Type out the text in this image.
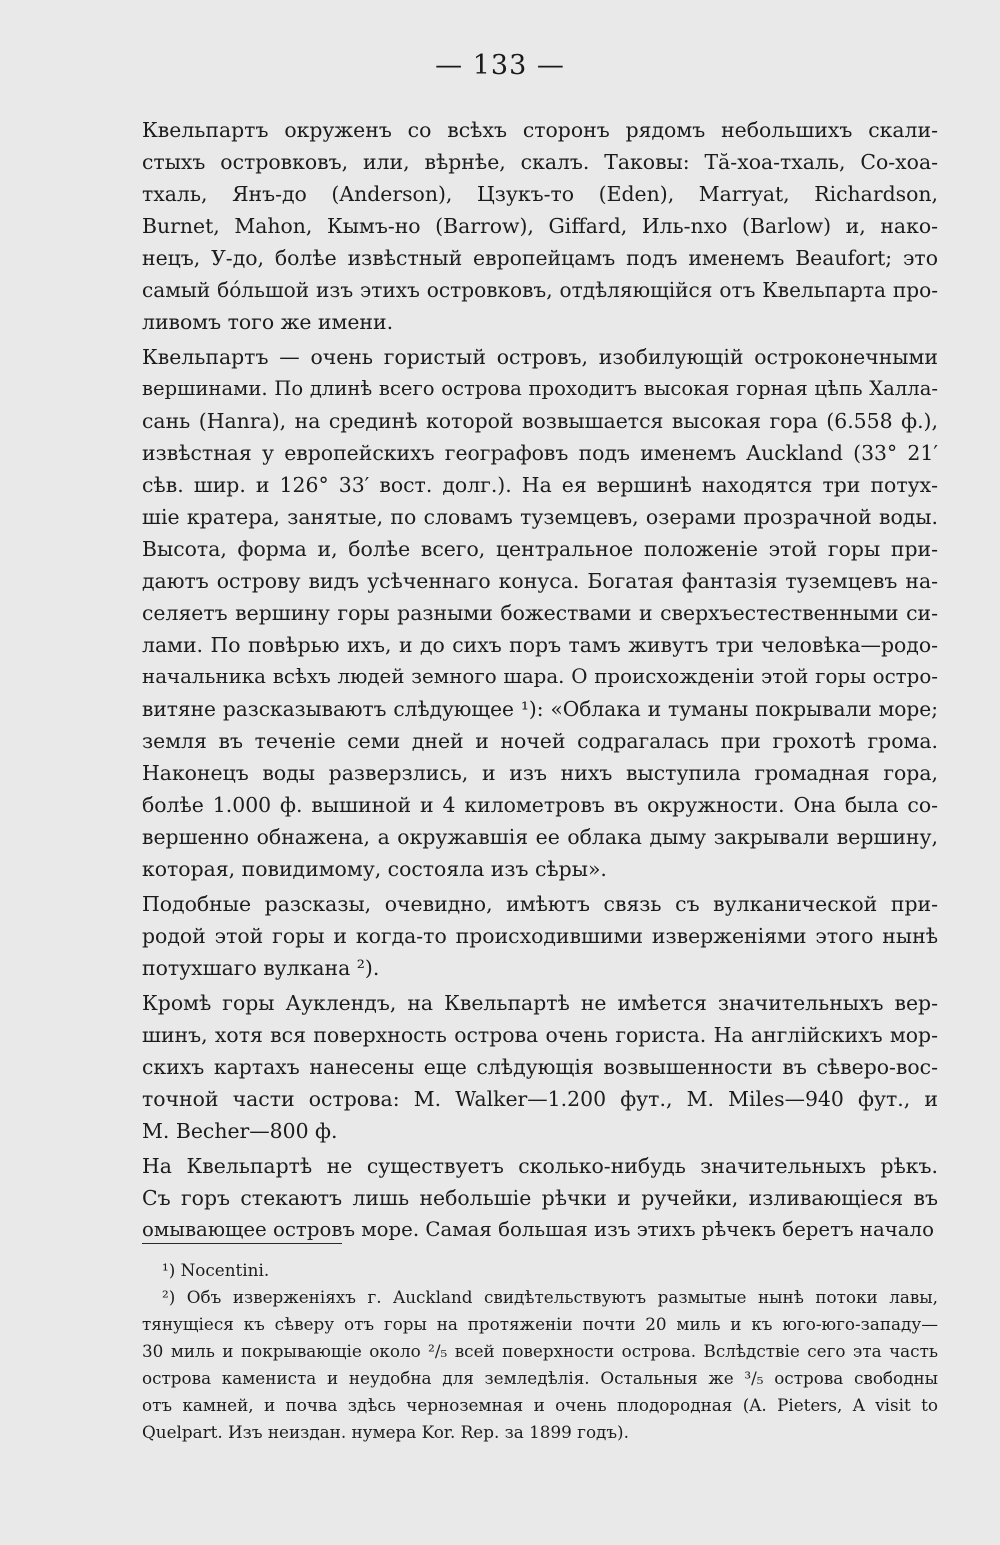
— 133 —
Квельпартъ окруженъ со всѣхъ сторонъ рядомъ небольшихъ скали-
стыхъ островковъ, или, вѣрнѣе, скалъ. Таковы: Тă-хоа-тхаль, Со-хоа-
тхаль, Янъ-до (Anderson), Цзукъ-то (Eden), Marryat, Richardson,
Burnet, Mahon, Кымъ-но (Barrow), Giffard, Иль-nхо (Barlow) и, нако-
нецъ, У-до, болѣе извѣстный европейцамъ подъ именемъ Beaufort; это
самый бóльшой изъ этихъ островковъ, отдѣляющійся отъ Квельпарта про-
ливомъ того же имени.
Квельпартъ — очень гористый островъ, изобилующій остроконечными
вершинами. По длинѣ всего острова проходитъ высокая горная цѣпь Халла-
сань (Hanra), на срединѣ которой возвышается высокая гора (6.558 ф.),
извѣстная у европейскихъ географовъ подъ именемъ Auckland (33° 21′
сѣв. шир. и 126° 33′ вост. долг.). На ея вершинѣ находятся три потух-
шіе кратера, занятые, по словамъ туземцевъ, озерами прозрачной воды.
Высота, форма и, болѣе всего, центральное положеніе этой горы при-
даютъ острову видъ усѣченнаго конуса. Богатая фантазія туземцевъ на-
селяетъ вершину горы разными божествами и сверхъестественными си-
лами. По повѣрью ихъ, и до сихъ поръ тамъ живутъ три человѣка—родо-
начальника всѣхъ людей земного шара. О происхожденіи этой горы остро-
витяне разсказываютъ слѣдующее ¹): «Облака и туманы покрывали море;
земля въ теченіе семи дней и ночей содрагалась при грохотѣ грома.
Наконецъ воды разверзлись, и изъ нихъ выступила громадная гора,
болѣе 1.000 ф. вышиной и 4 километровъ въ окружности. Она была со-
вершенно обнажена, а окружавшія ее облака дыму закрывали вершину,
которая, повидимому, состояла изъ сѣры».
Подобные разсказы, очевидно, имѣютъ связь съ вулканической при-
родой этой горы и когда-то происходившими изверженіями этого нынѣ
потухшаго вулкана ²).
Кромѣ горы Ауклендъ, на Квельпартѣ не имѣется значительныхъ вер-
шинъ, хотя вся поверхность острова очень гориста. На англійскихъ мор-
скихъ картахъ нанесены еще слѣдующія возвышенности въ сѣверо-вос-
точной части острова: M. Walker—1.200 фут., M. Miles—940 фут., и
M. Becher—800 ф.
На Квельпартѣ не существуетъ сколько-нибудь значительныхъ рѣкъ.
Съ горъ стекаютъ лишь небольшіе рѣчки и ручейки, изливающіеся въ
омывающее островъ море. Самая большая изъ этихъ рѣчекъ беретъ начало
¹) Nocentini.
²) Объ изверженіяхъ г. Auckland свидѣтельствуютъ размытые нынѣ потоки лавы,
тянущіеся къ сѣверу отъ горы на протяженіи почти 20 миль и къ юго-юго-западу—
30 миль и покрывающіе около ²/₅ всей поверхности острова. Вслѣдствіе сего эта часть
острова камениста и неудобна для земледѣлія. Остальныя же ³/₅ острова свободны
отъ камней, и почва здѣсь черноземная и очень плодородная (A. Pieters, A visit to
Quelpart. Изъ неиздан. нумера Kor. Rep. за 1899 годъ).
